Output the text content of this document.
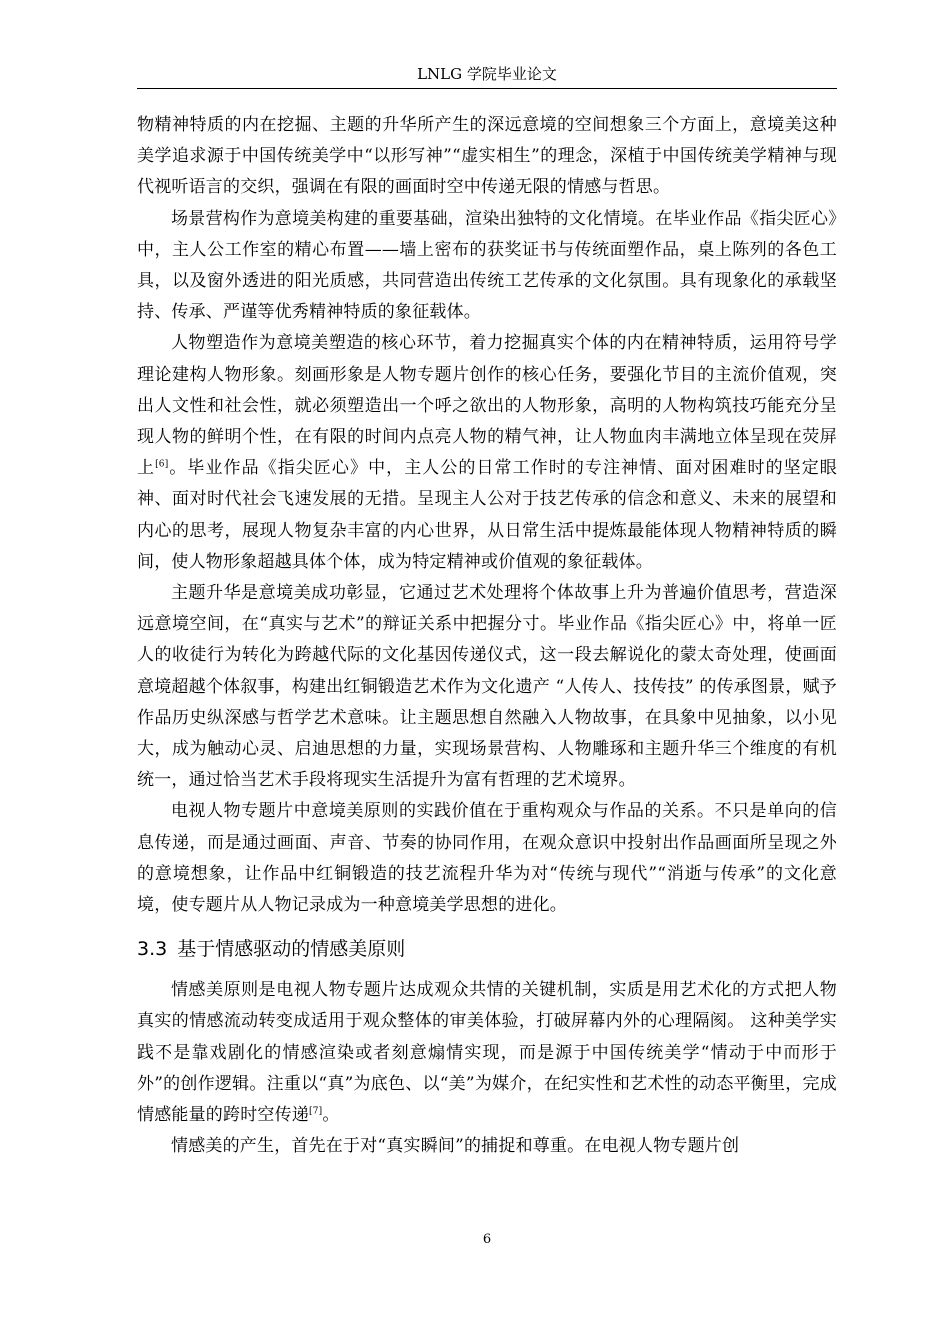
LNLG 学院毕业论文

物精神特质的内在挖掘、主题的升华所产生的深远意境的空间想象三个方面上，意境美这种美学追求源于中国传统美学中“以形写神”“虚实相生”的理念，深植于中国传统美学精神与现代视听语言的交织，强调在有限的画面时空中传递无限的情感与哲思。

场景营构作为意境美构建的重要基础，渲染出独特的文化情境。在毕业作品《指尖匠心》中，主人公工作室的精心布置——墙上密布的获奖证书与传统面塑作品，桌上陈列的各色工具，以及窗外透进的阳光质感，共同营造出传统工艺传承的文化氛围。具有现象化的承载坚持、传承、严谨等优秀精神特质的象征载体。

人物塑造作为意境美塑造的核心环节，着力挖掘真实个体的内在精神特质，运用符号学理论建构人物形象。刻画形象是人物专题片创作的核心任务，要强化节目的主流价值观，突出人文性和社会性，就必须塑造出一个呼之欲出的人物形象，高明的人物构筑技巧能充分呈现人物的鲜明个性，在有限的时间内点亮人物的精气神，让人物血肉丰满地立体呈现在荧屏上[6]。毕业作品《指尖匠心》中，主人公的日常工作时的专注神情、面对困难时的坚定眼神、面对时代社会飞速发展的无措。呈现主人公对于技艺传承的信念和意义、未来的展望和内心的思考，展现人物复杂丰富的内心世界，从日常生活中提炼最能体现人物精神特质的瞬间，使人物形象超越具体个体，成为特定精神或价值观的象征载体。

主题升华是意境美成功彰显，它通过艺术处理将个体故事上升为普遍价值思考，营造深远意境空间，在“真实与艺术”的辩证关系中把握分寸。毕业作品《指尖匠心》中，将单一匠人的收徒行为转化为跨越代际的文化基因传递仪式，这一段去解说化的蒙太奇处理，使画面意境超越个体叙事，构建出红铜锻造艺术作为文化遗产 “人传人、技传技” 的传承图景，赋予作品历史纵深感与哲学艺术意味。让主题思想自然融入人物故事，在具象中见抽象，以小见大，成为触动心灵、启迪思想的力量，实现场景营构、人物雕琢和主题升华三个维度的有机统一，通过恰当艺术手段将现实生活提升为富有哲理的艺术境界。

电视人物专题片中意境美原则的实践价值在于重构观众与作品的关系。不只是单向的信息传递，而是通过画面、声音、节奏的协同作用，在观众意识中投射出作品画面所呈现之外的意境想象，让作品中红铜锻造的技艺流程升华为对“传统与现代”“消逝与传承”的文化意境，使专题片从人物记录成为一种意境美学思想的进化。

3.3 基于情感驱动的情感美原则

情感美原则是电视人物专题片达成观众共情的关键机制，实质是用艺术化的方式把人物真实的情感流动转变成适用于观众整体的审美体验，打破屏幕内外的心理隔阂。 这种美学实践不是靠戏剧化的情感渲染或者刻意煽情实现，而是源于中国传统美学“情动于中而形于外”的创作逻辑。注重以“真”为底色、以“美”为媒介，在纪实性和艺术性的动态平衡里，完成情感能量的跨时空传递[7]。

情感美的产生，首先在于对“真实瞬间”的捕捉和尊重。在电视人物专题片创

6
